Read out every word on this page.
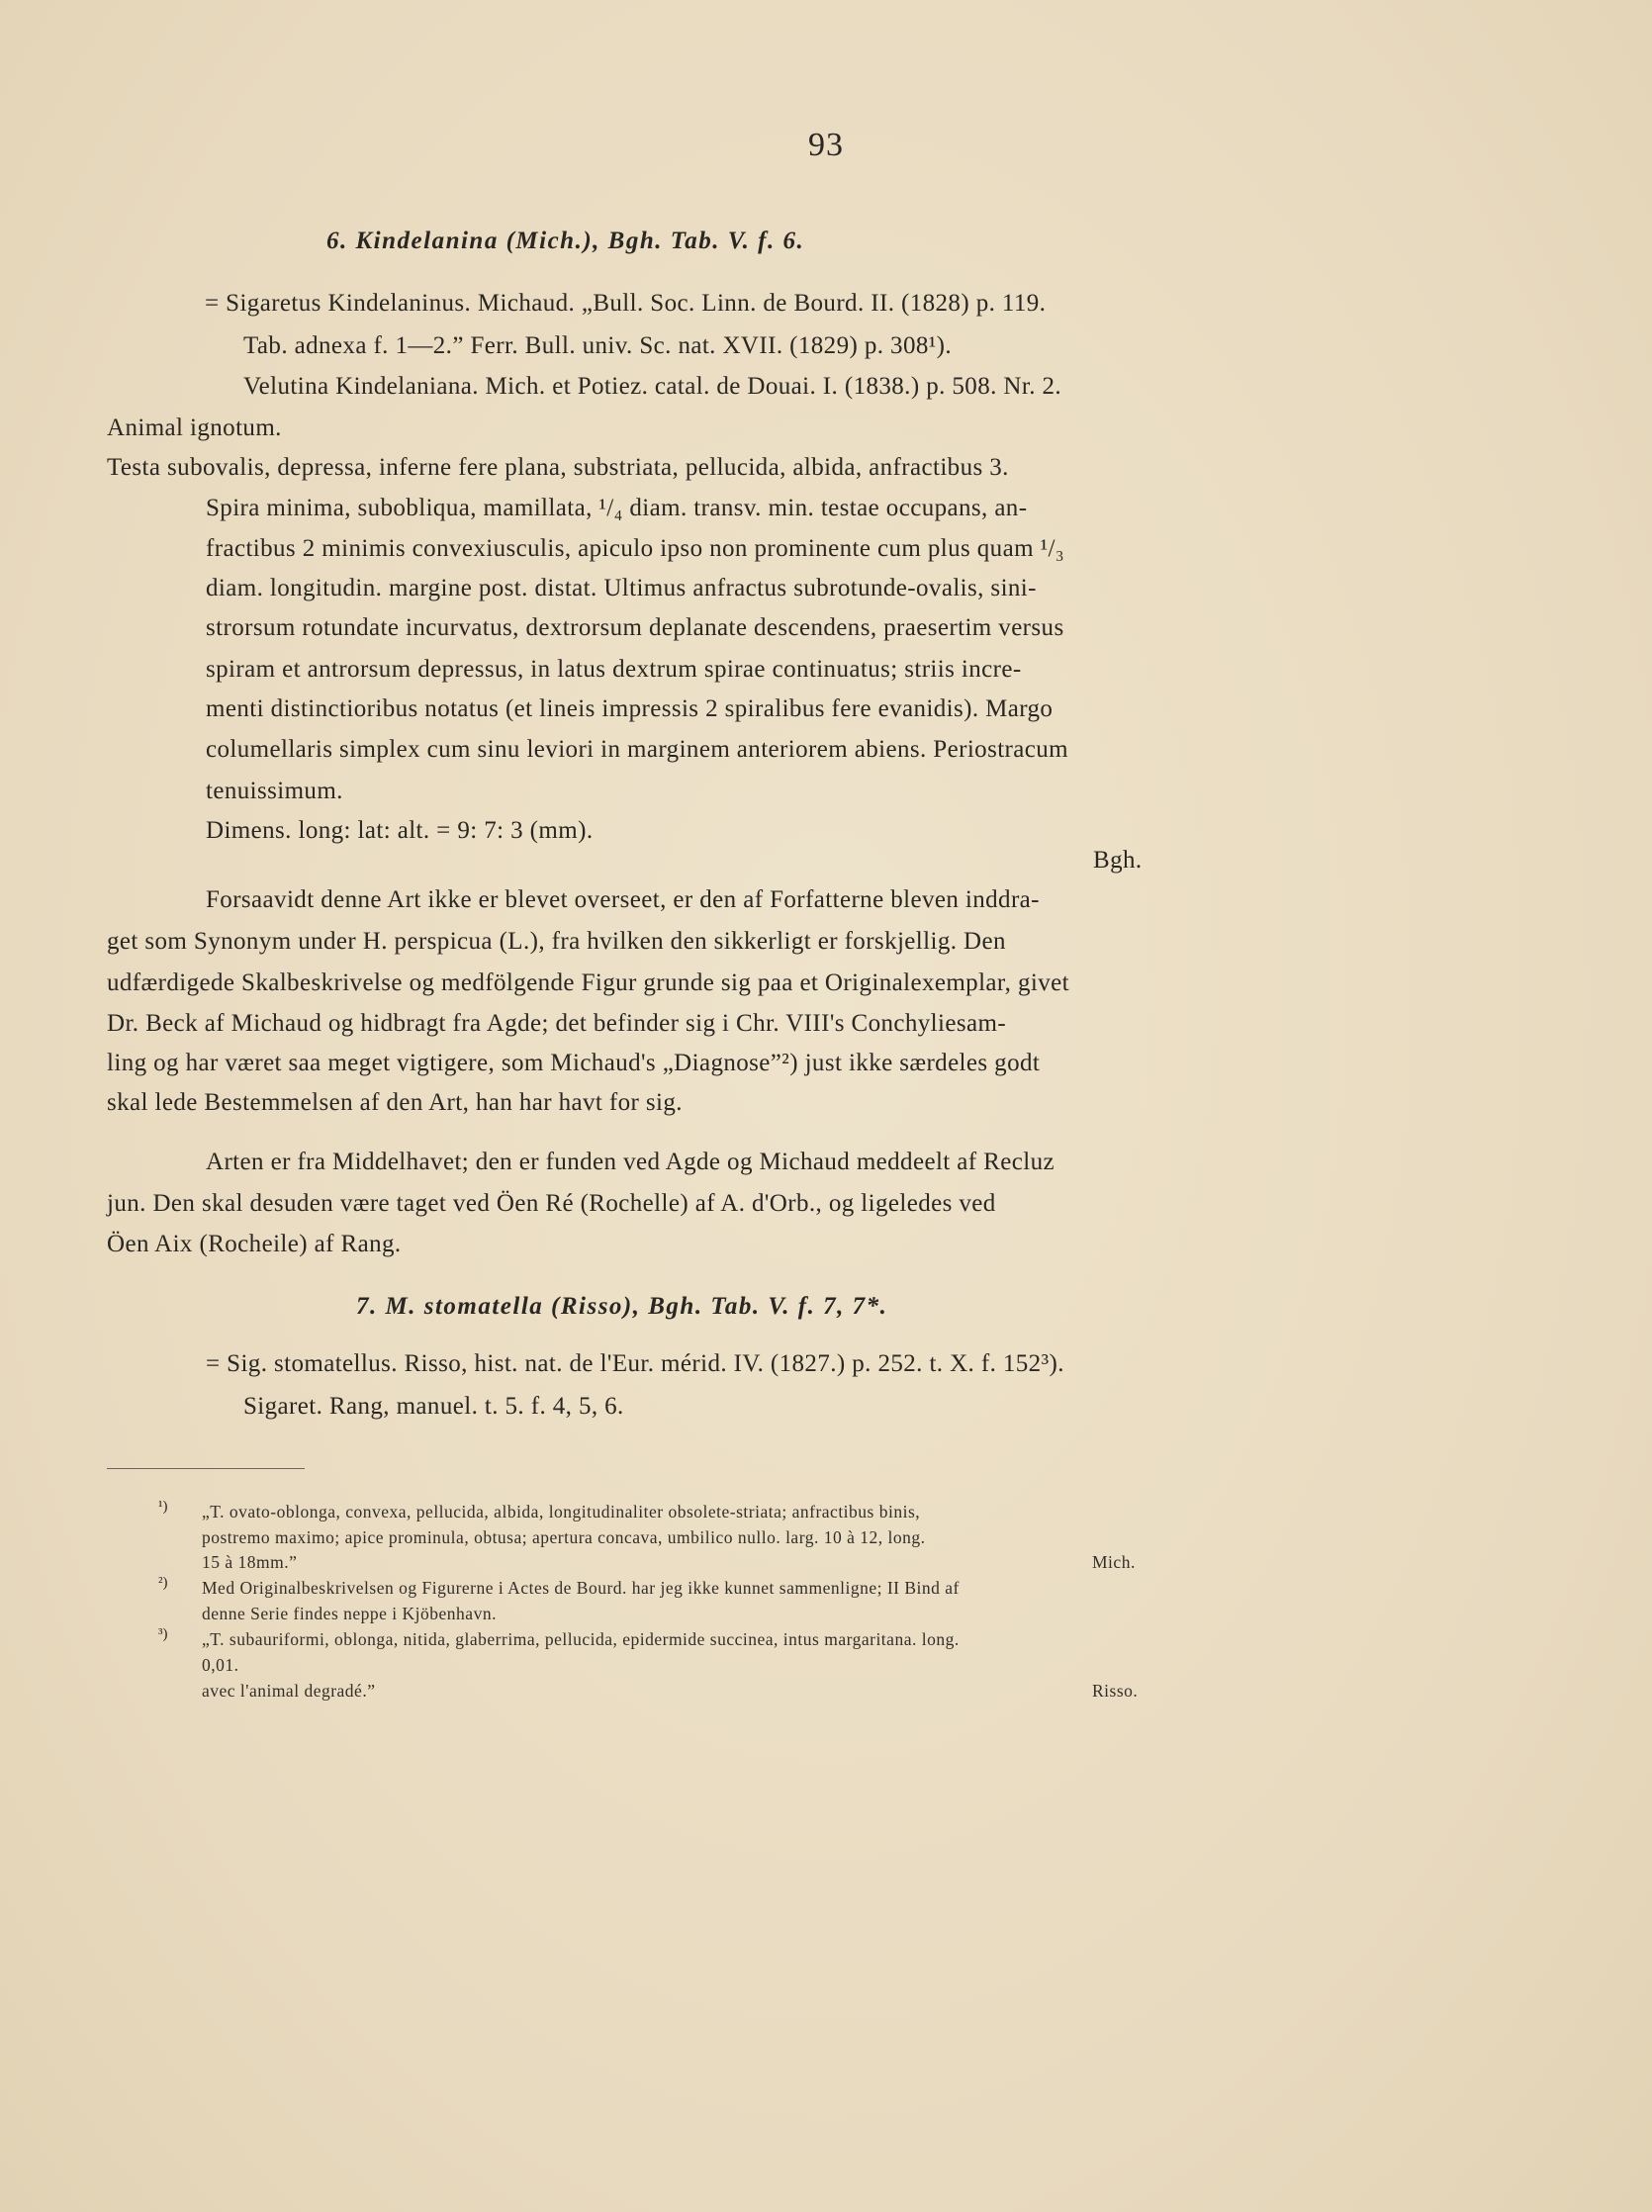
93
6. Kindelanina (Mich.), Bgh. Tab. V. f. 6.
= Sigaretus Kindelaninus. Michaud. „Bull. Soc. Linn. de Bourd. II. (1828) p. 119.
Tab. adnexa f. 1—2.” Ferr. Bull. univ. Sc. nat. XVII. (1829) p. 308¹).
Velutina Kindelaniana. Mich. et Potiez. catal. de Douai. I. (1838.) p. 508. Nr. 2.
Animal ignotum.
Testa subovalis, depressa, inferne fere plana, substriata, pellucida, albida, anfractibus 3.
Spira minima, subobliqua, mamillata, ¹/₄ diam. transv. min. testae occupans, an-
fractibus 2 minimis convexiusculis, apiculo ipso non prominente cum plus quam ¹/₃
diam. longitudin. margine post. distat. Ultimus anfractus subrotunde-ovalis, sini-
strorsum rotundate incurvatus, dextrorsum deplanate descendens, praesertim versus
spiram et antrorsum depressus, in latus dextrum spirae continuatus; striis incre-
menti distinctioribus notatus (et lineis impressis 2 spiralibus fere evanidis). Margo
columellaris simplex cum sinu leviori in marginem anteriorem abiens. Periostracum
tenuissimum.
Dimens. long: lat: alt. = 9: 7: 3 (mm).
Bgh.
Forsaavidt denne Art ikke er blevet overseet, er den af Forfatterne bleven inddra-
get som Synonym under H. perspicua (L.), fra hvilken den sikkerligt er forskjellig. Den
udfærdigede Skalbeskrivelse og medfölgende Figur grunde sig paa et Originalexemplar, givet
Dr. Beck af Michaud og hidbragt fra Agde; det befinder sig i Chr. VIII's Conchyliesam-
ling og har været saa meget vigtigere, som Michaud's „Diagnose”²) just ikke særdeles godt
skal lede Bestemmelsen af den Art, han har havt for sig.
Arten er fra Middelhavet; den er funden ved Agde og Michaud meddeelt af Recluz
jun. Den skal desuden være taget ved Öen Ré (Rochelle) af A. d'Orb., og ligeledes ved
Öen Aix (Rocheile) af Rang.
7. M. stomatella (Risso), Bgh. Tab. V. f. 7, 7*.
= Sig. stomatellus. Risso, hist. nat. de l'Eur. mérid. IV. (1827.) p. 252. t. X. f. 152³).
Sigaret. Rang, manuel. t. 5. f. 4, 5, 6.
¹) „T. ovato-oblonga, convexa, pellucida, albida, longitudinaliter obsolete-striata; anfractibus binis,
postremo maximo; apice prominula, obtusa; apertura concava, umbilico nullo. larg. 10 à 12, long.
15 à 18mm.”	Mich.
²) Med Originalbeskrivelsen og Figurerne i Actes de Bourd. har jeg ikke kunnet sammenligne; II Bind af
denne Serie findes neppe i Kjöbenhavn.
³) „T. subauriformi, oblonga, nitida, glaberrima, pellucida, epidermide succinea, intus margaritana. long.
0,01.
avec l'animal degradé.”	Risso.
